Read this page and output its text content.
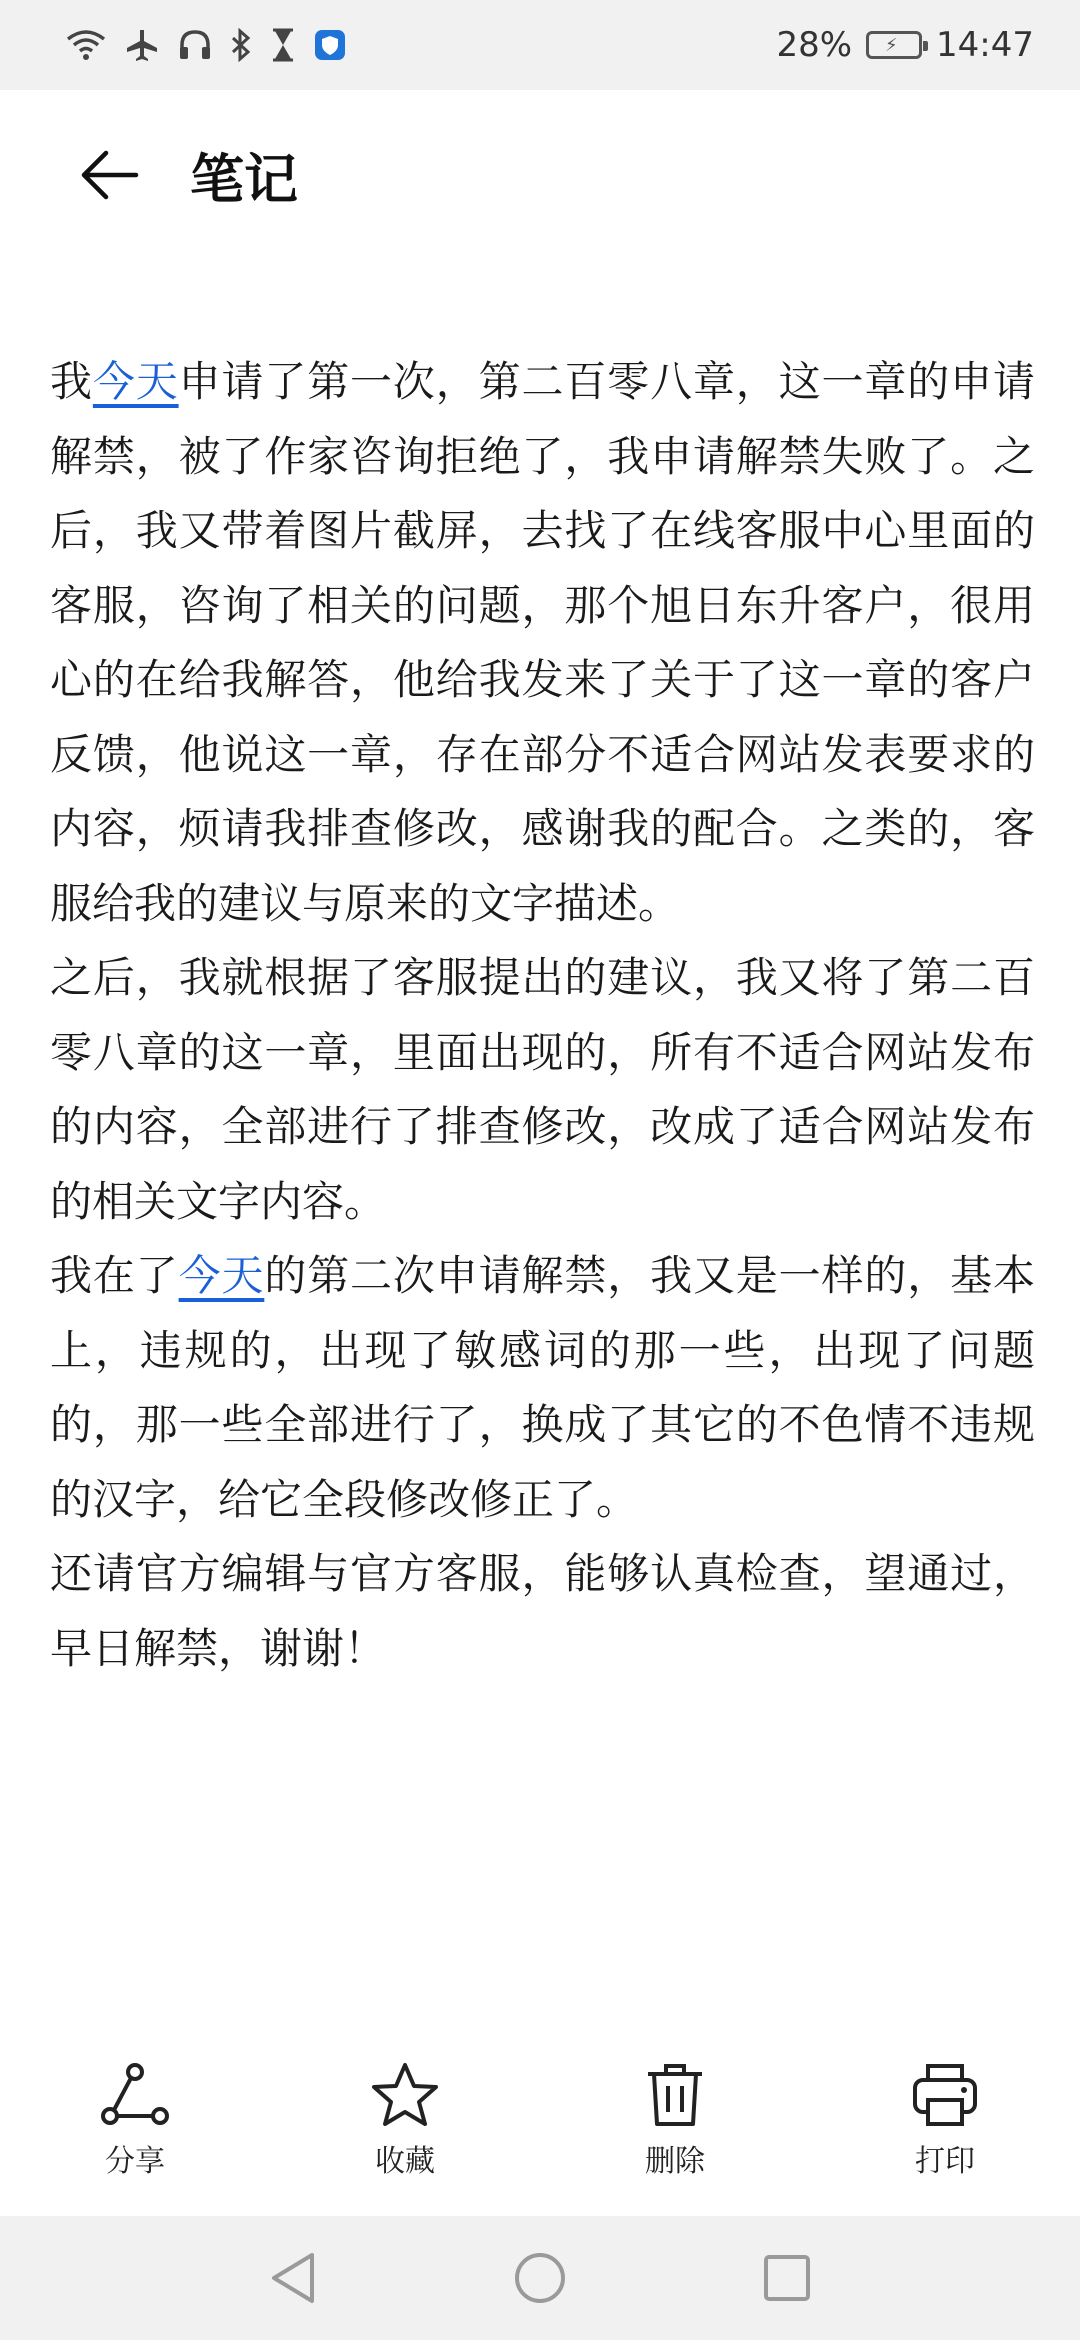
28% ⚡ 14:47
笔记

我今天申请了第一次，第二百零八章，这一章的申请解禁，被了作家咨询拒绝了，我申请解禁失败了。之后，我又带着图片截屏，去找了在线客服中心里面的客服，咨询了相关的问题，那个旭日东升客户，很用心的在给我解答，他给我发来了关于了这一章的客户反馈，他说这一章，存在部分不适合网站发表要求的内容，烦请我排查修改，感谢我的配合。之类的，客服给我的建议与原来的文字描述。

之后，我就根据了客服提出的建议，我又将了第二百零八章的这一章，里面出现的，所有不适合网站发布的内容，全部进行了排查修改，改成了适合网站发布的相关文字内容。

我在了今天的第二次申请解禁，我又是一样的，基本上，违规的，出现了敏感词的那一些，出现了问题的，那一些全部进行了，换成了其它的不色情不违规的汉字，给它全段修改修正了。

还请官方编辑与官方客服，能够认真检查，望通过，早日解禁，谢谢！

分享	收藏	删除	打印
